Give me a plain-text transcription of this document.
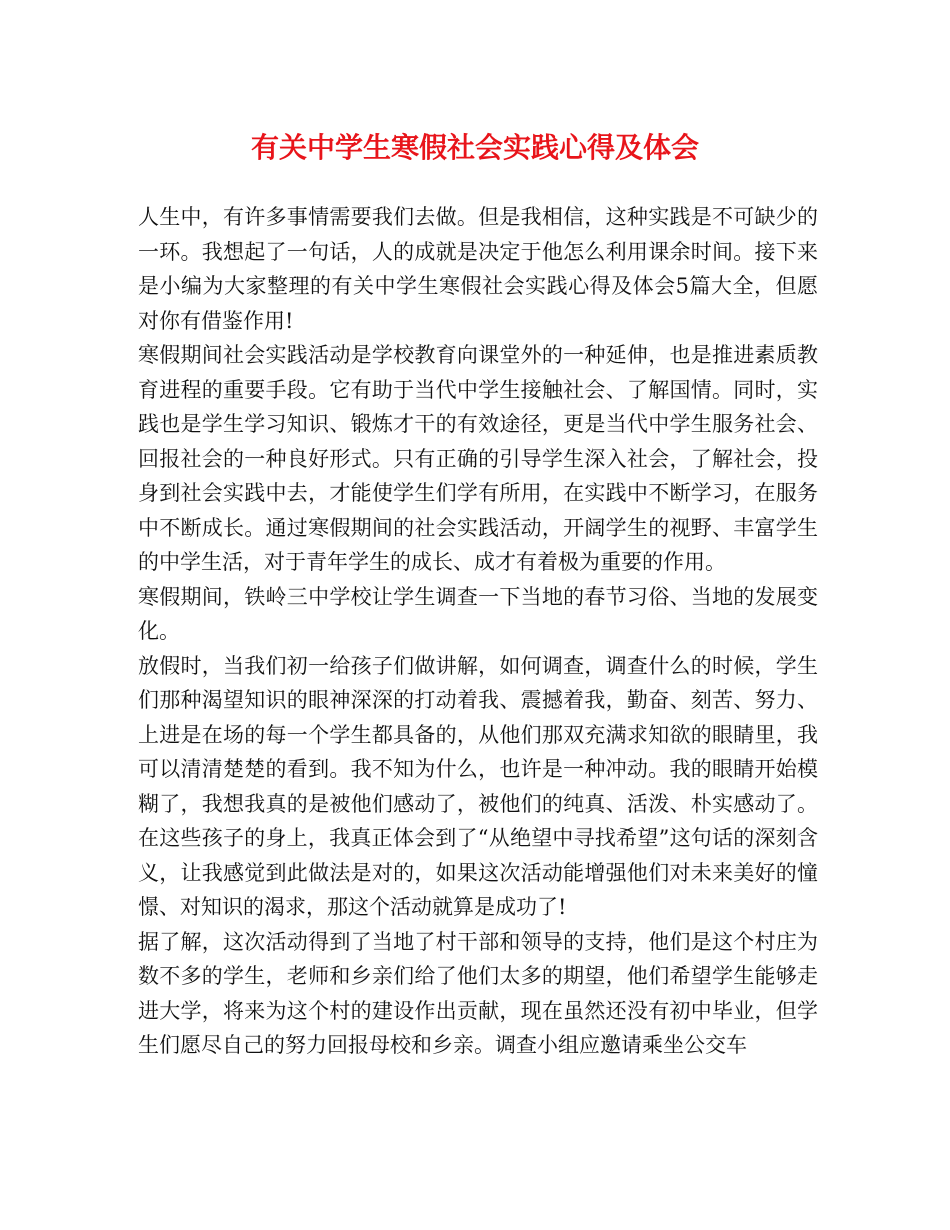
有关中学生寒假社会实践心得及体会

人生中，有许多事情需要我们去做。但是我相信，这种实践是不可缺少的一环。我想起了一句话，人的成就是决定于他怎么利用课余时间。接下来是小编为大家整理的有关中学生寒假社会实践心得及体会5篇大全，但愿对你有借鉴作用!

寒假期间社会实践活动是学校教育向课堂外的一种延伸，也是推进素质教育进程的重要手段。它有助于当代中学生接触社会、了解国情。同时，实践也是学生学习知识、锻炼才干的有效途径，更是当代中学生服务社会、回报社会的一种良好形式。只有正确的引导学生深入社会，了解社会，投身到社会实践中去，才能使学生们学有所用，在实践中不断学习，在服务中不断成长。通过寒假期间的社会实践活动，开阔学生的视野、丰富学生的中学生活，对于青年学生的成长、成才有着极为重要的作用。

寒假期间，铁岭三中学校让学生调查一下当地的春节习俗、当地的发展变化。

放假时，当我们初一给孩子们做讲解，如何调查，调查什么的时候，学生们那种渴望知识的眼神深深的打动着我、震撼着我，勤奋、刻苦、努力、上进是在场的每一个学生都具备的，从他们那双充满求知欲的眼睛里，我可以清清楚楚的看到。我不知为什么，也许是一种冲动。我的眼睛开始模糊了，我想我真的是被他们感动了，被他们的纯真、活泼、朴实感动了。在这些孩子的身上，我真正体会到了“从绝望中寻找希望”这句话的深刻含义，让我感觉到此做法是对的，如果这次活动能增强他们对未来美好的憧憬、对知识的渴求，那这个活动就算是成功了!

据了解，这次活动得到了当地了村干部和领导的支持，他们是这个村庄为数不多的学生，老师和乡亲们给了他们太多的期望，他们希望学生能够走进大学，将来为这个村的建设作出贡献，现在虽然还没有初中毕业，但学生们愿尽自己的努力回报母校和乡亲。调查小组应邀请乘坐公交车
